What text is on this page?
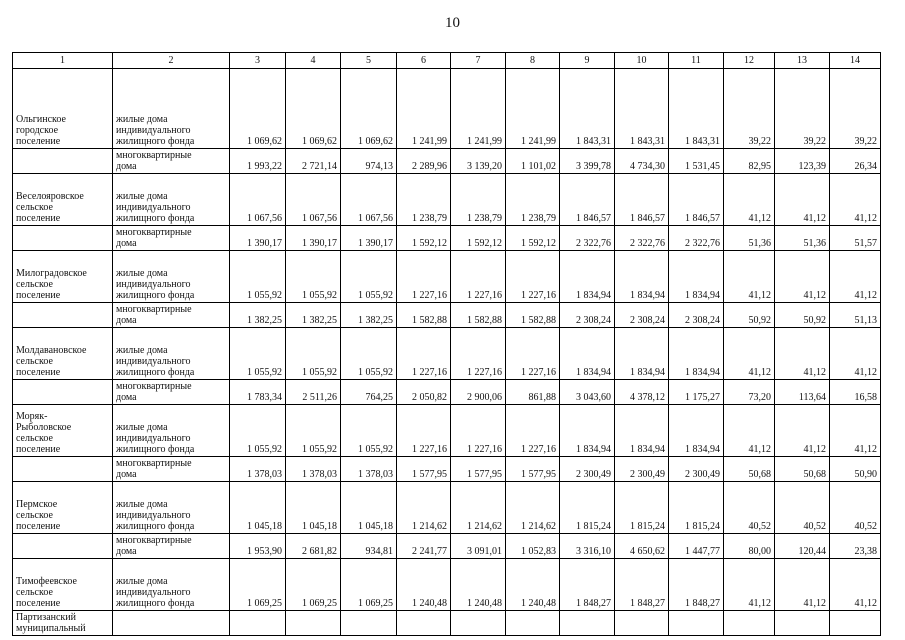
10
1	2	3	4	5	6	7	8	9	10	11	12	13	14
Ольгинское
городское
поселение	жилые дома
индивидуального
жилищного фонда	1 069,62	1 069,62	1 069,62	1 241,99	1 241,99	1 241,99	1 843,31	1 843,31	1 843,31	39,22	39,22	39,22
	многоквартирные
дома	1 993,22	2 721,14	974,13	2 289,96	3 139,20	1 101,02	3 399,78	4 734,30	1 531,45	82,95	123,39	26,34
Веселояровское
сельское
поселение	жилые дома
индивидуального
жилищного фонда	1 067,56	1 067,56	1 067,56	1 238,79	1 238,79	1 238,79	1 846,57	1 846,57	1 846,57	41,12	41,12	41,12
	многоквартирные
дома	1 390,17	1 390,17	1 390,17	1 592,12	1 592,12	1 592,12	2 322,76	2 322,76	2 322,76	51,36	51,36	51,57
Милоградовское
сельское
поселение	жилые дома
индивидуального
жилищного фонда	1 055,92	1 055,92	1 055,92	1 227,16	1 227,16	1 227,16	1 834,94	1 834,94	1 834,94	41,12	41,12	41,12
	многоквартирные
дома	1 382,25	1 382,25	1 382,25	1 582,88	1 582,88	1 582,88	2 308,24	2 308,24	2 308,24	50,92	50,92	51,13
Молдавановское
сельское
поселение	жилые дома
индивидуального
жилищного фонда	1 055,92	1 055,92	1 055,92	1 227,16	1 227,16	1 227,16	1 834,94	1 834,94	1 834,94	41,12	41,12	41,12
	многоквартирные
дома	1 783,34	2 511,26	764,25	2 050,82	2 900,06	861,88	3 043,60	4 378,12	1 175,27	73,20	113,64	16,58
Моряк-
Рыболовское
сельское
поселение	жилые дома
индивидуального
жилищного фонда	1 055,92	1 055,92	1 055,92	1 227,16	1 227,16	1 227,16	1 834,94	1 834,94	1 834,94	41,12	41,12	41,12
	многоквартирные
дома	1 378,03	1 378,03	1 378,03	1 577,95	1 577,95	1 577,95	2 300,49	2 300,49	2 300,49	50,68	50,68	50,90
Пермское
сельское
поселение	жилые дома
индивидуального
жилищного фонда	1 045,18	1 045,18	1 045,18	1 214,62	1 214,62	1 214,62	1 815,24	1 815,24	1 815,24	40,52	40,52	40,52
	многоквартирные
дома	1 953,90	2 681,82	934,81	2 241,77	3 091,01	1 052,83	3 316,10	4 650,62	1 447,77	80,00	120,44	23,38
Тимофеевское
сельское
поселение	жилые дома
индивидуального
жилищного фонда	1 069,25	1 069,25	1 069,25	1 240,48	1 240,48	1 240,48	1 848,27	1 848,27	1 848,27	41,12	41,12	41,12
Партизанский
муниципальный													
